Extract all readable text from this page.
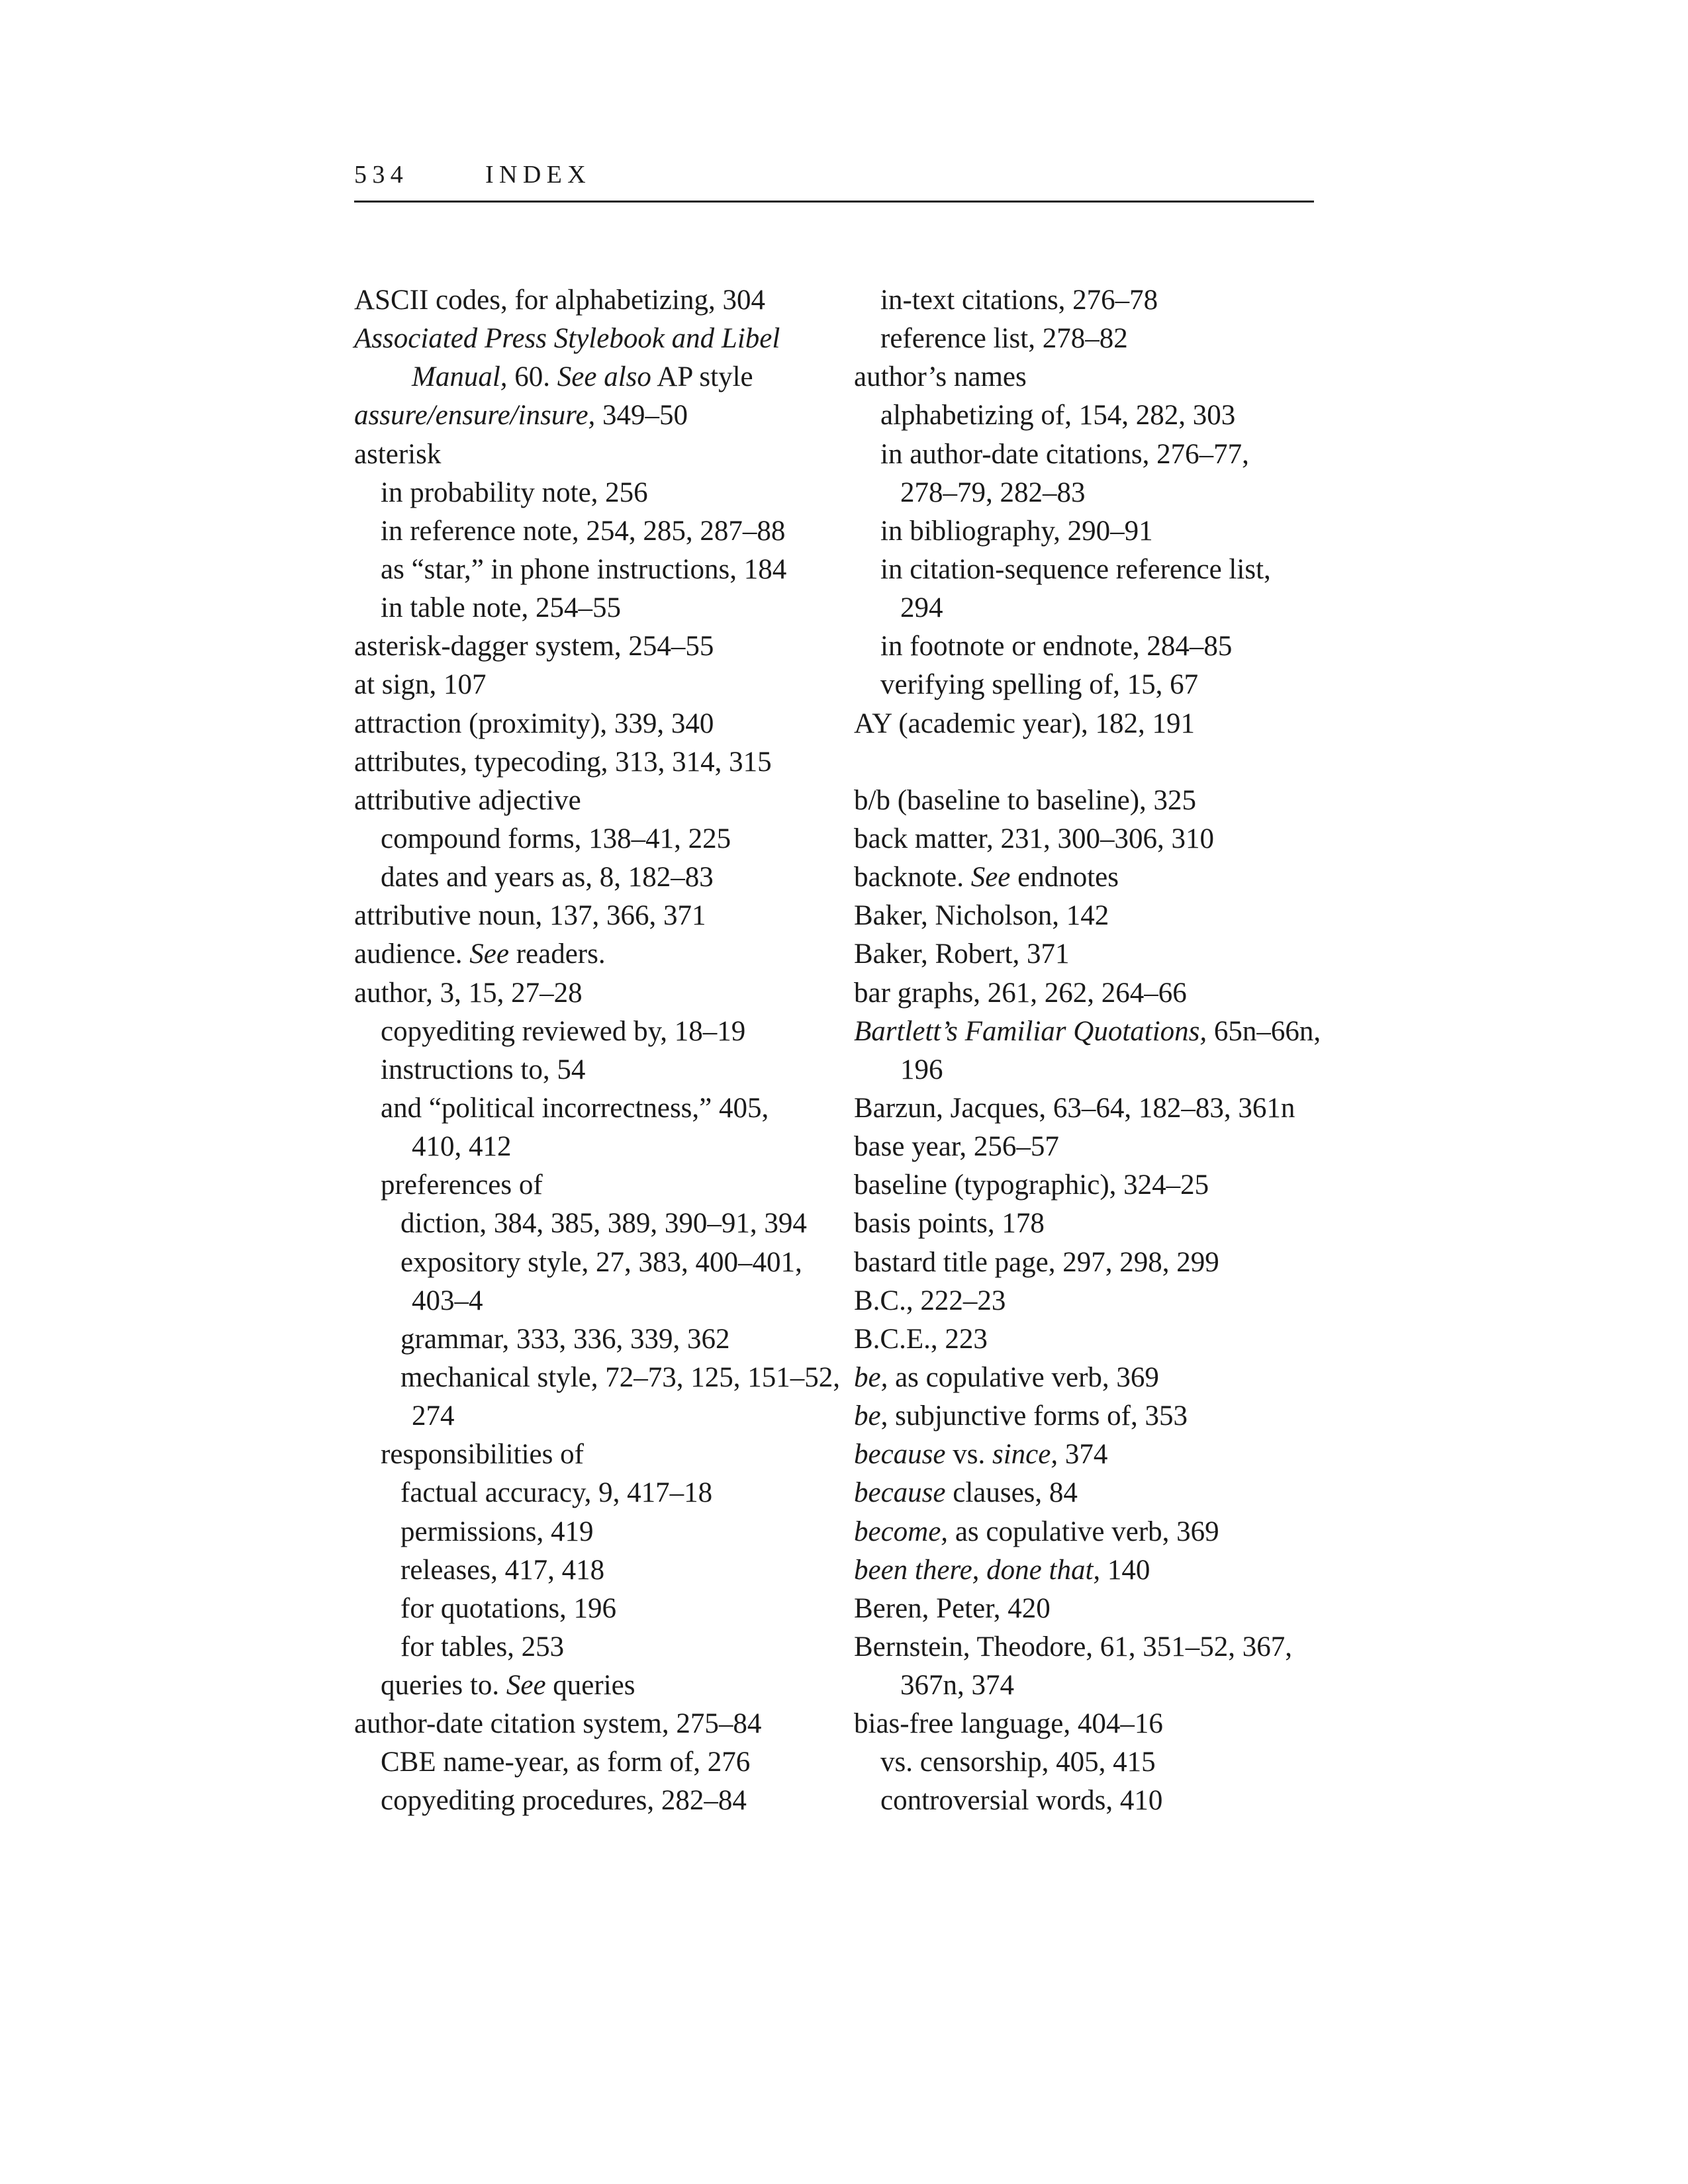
534	INDEX
ASCII codes, for alphabetizing, 304
Associated Press Stylebook and Libel
Manual, 60. See also AP style
assure/ensure/insure, 349–50
asterisk
in probability note, 256
in reference note, 254, 285, 287–88
as “star,” in phone instructions, 184
in table note, 254–55
asterisk-dagger system, 254–55
at sign, 107
attraction (proximity), 339, 340
attributes, typecoding, 313, 314, 315
attributive adjective
compound forms, 138–41, 225
dates and years as, 8, 182–83
attributive noun, 137, 366, 371
audience. See readers.
author, 3, 15, 27–28
copyediting reviewed by, 18–19
instructions to, 54
and “political incorrectness,” 405,
410, 412
preferences of
diction, 384, 385, 389, 390–91, 394
expository style, 27, 383, 400–401,
403–4
grammar, 333, 336, 339, 362
mechanical style, 72–73, 125, 151–52,
274
responsibilities of
factual accuracy, 9, 417–18
permissions, 419
releases, 417, 418
for quotations, 196
for tables, 253
queries to. See queries
author-date citation system, 275–84
CBE name-year, as form of, 276
copyediting procedures, 282–84
in-text citations, 276–78
reference list, 278–82
author’s names
alphabetizing of, 154, 282, 303
in author-date citations, 276–77,
278–79, 282–83
in bibliography, 290–91
in citation-sequence reference list,
294
in footnote or endnote, 284–85
verifying spelling of, 15, 67
AY (academic year), 182, 191
b/b (baseline to baseline), 325
back matter, 231, 300–306, 310
backnote. See endnotes
Baker, Nicholson, 142
Baker, Robert, 371
bar graphs, 261, 262, 264–66
Bartlett’s Familiar Quotations, 65n–66n,
196
Barzun, Jacques, 63–64, 182–83, 361n
base year, 256–57
baseline (typographic), 324–25
basis points, 178
bastard title page, 297, 298, 299
B.C., 222–23
B.C.E., 223
be, as copulative verb, 369
be, subjunctive forms of, 353
because vs. since, 374
because clauses, 84
become, as copulative verb, 369
been there, done that, 140
Beren, Peter, 420
Bernstein, Theodore, 61, 351–52, 367,
367n, 374
bias-free language, 404–16
vs. censorship, 405, 415
controversial words, 410
